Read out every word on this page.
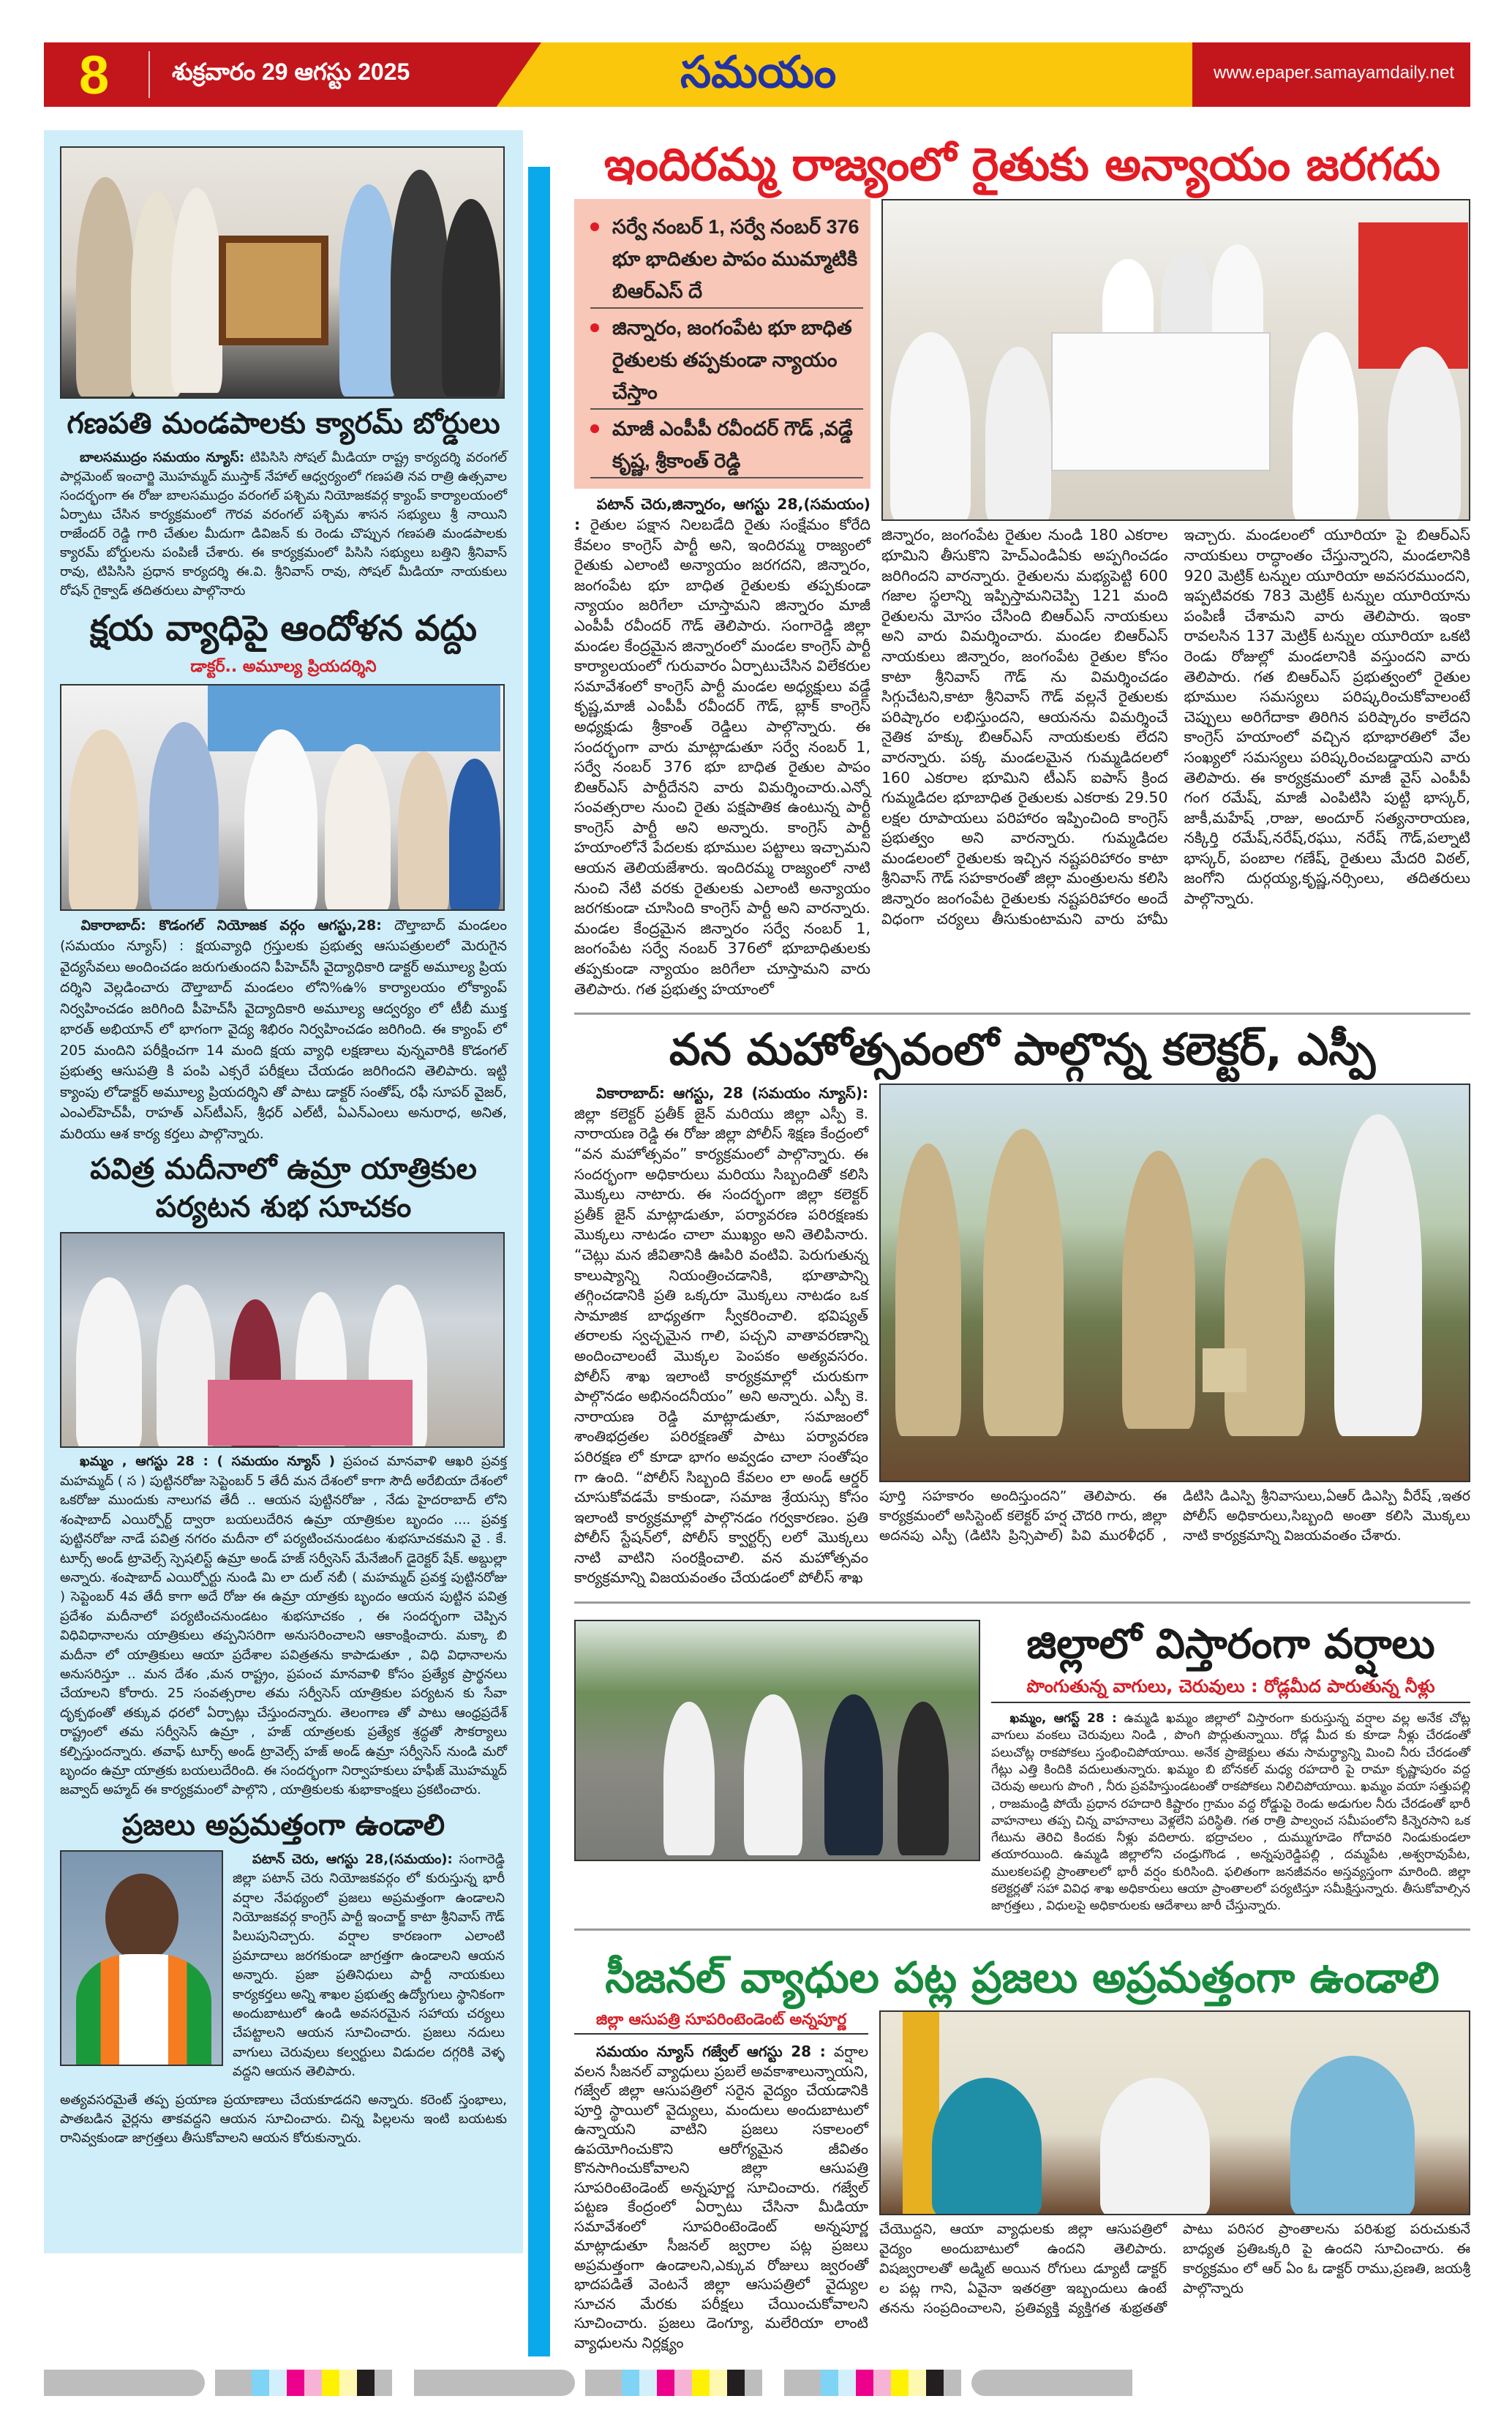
8	శుక్రవారం 29 ఆగస్టు 2025	సమయం	www.epaper.samayamdaily.net
గణపతి మండపాలకు క్యారమ్ బోర్డులు
బాలసముద్రం సమయం న్యూస్: టిపిసిసి సోషల్ మీడియా రాష్ట్ర కార్యదర్శి వరంగల్ పార్లమెంట్ ఇంచార్జి మొహమ్మద్ ముస్తాక్ నేహాల్ ఆధ్వర్యంలో గణపతి నవ రాత్రి ఉత్సవాల సందర్భంగా ఈ రోజు బాలసముద్రం వరంగల్ పశ్చిమ నియోజకవర్గ క్యాంప్ కార్యాలయంలో ఏర్పాటు చేసిన కార్యక్రమంలో గౌరవ వరంగల్ పశ్చిమ శాసన సభ్యులు శ్రీ నాయిని రాజేందర్ రెడ్డి గారి చేతుల మీదుగా డివిజన్ కు రెండు చొప్పున గణపతి మండపాలకు క్యారమ్ బోర్డులను పంపిణీ చేశారు. ఈ కార్యక్రమంలో పిసిసి సభ్యులు బత్తిని శ్రీనివాస్ రావు, టిపిసిసి ప్రధాన కార్యదర్శి ఈ.వి. శ్రీనివాస్ రావు, సోషల్ మీడియా నాయకులు రోషన్ గైక్వాడ్ తదితరులు పాల్గొనారు
క్షయ వ్యాధిపై ఆందోళన వద్దు
డాక్టర్.. అమూల్య ప్రియదర్శిని
వికారాబాద్: కొడంగల్ నియోజక వర్గం ఆగస్టు,28: దౌల్తాబాద్ మండలం (సమయం న్యూస్) : క్షయవ్యాధి గ్రస్తులకు ప్రభుత్వ ఆసుపత్రులలో మెరుగైన వైద్యసేవలు అందించడం జరుగుతుందని పీహెచ్‌సీ వైద్యాధికారి డాక్టర్ అమూల్య ప్రియ దర్శిని వెల్లడించారు దౌల్తాబాద్ మండలం లోని%ఉ% కార్యాలయం లోక్యాంప్ నిర్వహించడం జరిగింది పీహెచ్‌సీ వైద్యాదికారి అమూల్య ఆద్వర్యం లో టీబీ ముక్త భారత్ అభియాన్ లో భాగంగా వైద్య శిభిరం నిర్వహించడం జరిగింది. ఈ క్యాంప్ లో 205 మందిని పరీక్షించగా 14 మంది క్షయ వ్యాధి లక్షణాలు వున్నవారికి కొడంగల్ ప్రభుత్వ ఆసుపత్రి కి పంపి ఎక్సరే పరీక్షలు చేయడం జరిగిందని తెలిపారు. ఇట్టి క్యాంపు లోడాక్టర్ అమూల్య ప్రియదర్శిని తో పాటు డాక్టర్ సంతోష్, రఫీ సూపర్ వైజర్, ఎంఎల్‌హెచ్‌పీ, రాహత్ ఎస్‌టీఎస్, శ్రీధర్ ఎల్‌టీ, ఏఎన్ఎంలు అనురాధ, అనిత, మరియు ఆశ కార్య కర్తలు పాల్గొన్నారు.
పవిత్ర మదీనాలో ఉమ్రా యాత్రికుల
పర్యటన శుభ సూచకం
ఖమ్మం , ఆగస్టు 28 : ( సమయం న్యూస్ ) ప్రపంచ మానవాళి ఆఖరి ప్రవక్త మహమ్మద్ ( స ) పుట్టినరోజు సెప్టెంబర్ 5 తేదీ మన దేశంలో కాగా సౌదీ అరేబియా దేశంలో ఒకరోజు ముందుకు నాలుగవ తేదీ .. ఆయన పుట్టినరోజు , నేడు హైదరాబాద్ లోని శంషాబాద్ ఎయిర్పోర్ట్ ద్వారా బయలుదేరిన ఉమ్రా యాత్రికుల బృందం .... ప్రవక్త పుట్టినరోజు నాడే పవిత్ర నగరం మదీనా లో పర్యటించనుండటం శుభసూచకమని వై . కే. టూర్స్ అండ్ ట్రావెల్స్ స్పెషలిస్ట్ ఉమ్రా అండ్ హజ్ సర్వీసెస్ మేనేజింగ్ డైరెక్టర్ షేక్. అబ్దుల్లా అన్నారు. శంషాబాద్ ఎయిర్పోర్టు నుండి మి లా దుల్ నబీ ( మహమ్మద్ ప్రవక్త పుట్టినరోజు ) సెప్టెంబర్ 4వ తేదీ కాగా అదే రోజు ఈ ఉమ్రా యాత్రకు బృందం ఆయన పుట్టిన పవిత్ర ప్రదేశం మదీనాలో పర్యటించనుండటం శుభసూచకం , ఈ సందర్భంగా చెప్పిన విధివిధానాలను యాత్రికులు తప్పనిసరిగా అనుసరించాలని ఆకాంక్షించారు. మక్కా బి మదీనా లో యాత్రికులు ఆయా ప్రదేశాల పవిత్రతను కాపాడుతూ , విధి విధానాలను అనుసరిస్తూ .. మన దేశం ,మన రాష్ట్రం, ప్రపంచ మానవాళి కోసం ప్రత్యేక ప్రార్థనలు చేయాలని కోరారు. 25 సంవత్సరాల తమ సర్వీసెస్ యాత్రికుల పర్యటన కు సేవా దృక్పథంతో తక్కువ ధరలో ఏర్పాట్లు చేస్తుందన్నారు. తెలంగాణ తో పాటు ఆంధ్రప్రదేశ్ రాష్ట్రంలో తమ సర్వీసెస్ ఉమ్రా , హజ్ యాత్రలకు ప్రత్యేక శ్రద్ధతో సౌకర్యాలు కల్పిస్తుందన్నారు. తవాఫ్ టూర్స్ అండ్ ట్రావెల్స్ హజ్ అండ్ ఉమ్రా సర్వీసెస్ నుండి మరో బృందం ఉమ్రా యాత్రకు బయలుదేరింది. ఈ సందర్భంగా నిర్వాహకులు హఫీజ్ మొహమ్మద్ జవ్వాద్ అహ్మద్ ఈ కార్యక్రమంలో పాల్గొని , యాత్రికులకు శుభాకాంక్షలు ప్రకటించారు.
ప్రజలు అప్రమత్తంగా ఉండాలి
పటాన్ చెరు, ఆగస్టు 28,(సమయం): సంగారెడ్డి జిల్లా పటాన్ చెరు నియోజకవర్గం లో కురుస్తున్న భారీ వర్షాల నేపథ్యంలో ప్రజలు అప్రమత్తంగా ఉండాలని నియోజకవర్గ కాంగ్రెస్ పార్టీ ఇంచార్జ్ కాటా శ్రీనివాస్ గౌడ్ పిలుపునిచ్చారు. వర్షాల కారణంగా ఎలాంటి ప్రమాదాలు జరగకుండా జాగ్రత్తగా ఉండాలని ఆయన అన్నారు. ప్రజా ప్రతినిధులు పార్టీ నాయకులు కార్యకర్తలు అన్ని శాఖల ప్రభుత్వ ఉద్యోగులు స్థానికంగా అందుబాటులో ఉండి అవసరమైన సహాయ చర్యలు చేపట్టాలని ఆయన సూచించారు. ప్రజలు నదులు వాగులు చెరువులు కల్వర్టులు విడుదల దగ్గరికి వెళ్ళ వద్దని ఆయన తెలిపారు.
అత్యవసరమైతే తప్ప ప్రయాణ ప్రయాణాలు చేయకూడదని అన్నారు. కరెంట్ స్తంభాలు, పాతబడిన వైర్లను తాకవద్దని ఆయన సూచించారు. చిన్న పిల్లలను ఇంటి బయటకు రానివ్వకుండా జాగ్రత్తలు తీసుకోవాలని ఆయన కోరుకున్నారు.
ఇందిరమ్మ రాజ్యంలో రైతుకు అన్యాయం జరగదు
సర్వే నంబర్ 1, సర్వే నంబర్ 376 భూ భాదితుల పాపం ముమ్మాటికి బిఆర్ఎస్ దే
జిన్నారం, జంగంపేట భూ బాధిత రైతులకు తప్పకుండా న్యాయం చేస్తాం
మాజీ ఎంపీపీ రవీందర్ గౌడ్ ,వడ్డే కృష్ణ, శ్రీకాంత్ రెడ్డి
పటాన్ చెరు,జిన్నారం, ఆగస్టు 28,(సమయం) : రైతుల పక్షాన నిలబడేది రైతు సంక్షేమం కోరేది కేవలం కాంగ్రెస్ పార్టీ అని, ఇందిరమ్మ రాజ్యంలో రైతుకు ఎలాంటి అన్యాయం జరగదని, జిన్నారం, జంగంపేట భూ బాధిత రైతులకు తప్పకుండా న్యాయం జరిగేలా చూస్తామని జిన్నారం మాజీ ఎంపీపీ రవీందర్ గౌడ్ తెలిపారు. సంగారెడ్డి జిల్లా మండల కేంద్రమైన జిన్నారంలో మండల కాంగ్రెస్ పార్టీ కార్యాలయంలో గురువారం ఏర్పాటుచేసిన విలేకరుల సమావేశంలో కాంగ్రెస్ పార్టీ మండల అధ్యక్షులు వడ్డే కృష్ణ,మాజీ ఎంపీపీ రవీందర్ గౌడ్, బ్లాక్ కాంగ్రెస్ అధ్యక్షుడు శ్రీకాంత్ రెడ్డిలు పాల్గొన్నారు. ఈ సందర్భంగా వారు మాట్లాడుతూ సర్వే నంబర్ 1, సర్వే నంబర్ 376 భూ బాధిత రైతుల పాపం బిఆర్ఎస్ పార్టీదేనని వారు విమర్శించారు.ఎన్నో సంవత్సరాల నుంచి రైతు పక్షపాతిక ఉంటున్న పార్టీ కాంగ్రెస్ పార్టీ అని అన్నారు. కాంగ్రెస్ పార్టీ హయాంలోనే పేదలకు భూముల పట్టాలు ఇచ్చామని ఆయన తెలియజేశారు. ఇందిరమ్మ రాజ్యంలో నాటి నుంచి నేటి వరకు రైతులకు ఎలాంటి అన్యాయం జరగకుండా చూసింది కాంగ్రెస్ పార్టీ అని వారన్నారు. మండల కేంద్రమైన జిన్నారం సర్వే నంబర్ 1, జంగంపేట సర్వే నంబర్ 376లో భూబాధితులకు తప్పకుండా న్యాయం జరిగేలా చూస్తామని వారు తెలిపారు. గత ప్రభుత్వ హయాంలో
జిన్నారం, జంగంపేట రైతుల నుండి 180 ఎకరాల భూమిని తీసుకొని హెచ్ఎండిఏకు అప్పగించడం జరిగిందని వారన్నారు. రైతులను మభ్యపెట్టి 600 గజాల స్థలాన్ని ఇప్పిస్తామనిచెప్పి 121 మంది రైతులను మోసం చేసింది బిఆర్ఎస్ నాయకులు అని వారు విమర్శించారు. మండల బిఆర్ఎస్ నాయకులు జిన్నారం, జంగంపేట రైతుల కోసం కాటా శ్రీనివాస్ గౌడ్ ను విమర్శించడం సిగ్గుచేటని,కాటా శ్రీనివాస్ గౌడ్ వల్లనే రైతులకు పరిష్కారం లభిస్తుందని, ఆయనను విమర్శించే నైతిక హక్కు బిఆర్ఎస్ నాయకులకు లేదని వారన్నారు. పక్క మండలమైన గుమ్మడిదలలో 160 ఎకరాల భూమిని టీఎస్ ఐపాస్ క్రింద గుమ్మడిదల భూబాధిత రైతులకు ఎకరాకు 29.50 లక్షల రూపాయలు పరిహారం ఇప్పించింది కాంగ్రెస్ ప్రభుత్వం అని వారన్నారు. గుమ్మడిదల మండలంలో రైతులకు ఇచ్చిన నష్టపరిహారం కాటా శ్రీనివాస్ గౌడ్ సహకారంతో జిల్లా మంత్రులను కలిసి జిన్నారం జంగంపేట రైతులకు నష్టపరిహారం అందే విధంగా చర్యలు తీసుకుంటామని వారు హామీ ఇచ్చారు. మండలంలో యూరియా పై బిఆర్ఎస్ నాయకులు రాద్ధాంతం చేస్తున్నారని, మండలానికి 920 మెట్రిక్ టన్నుల యూరియా అవసరముందని, ఇప్పటివరకు 783 మెట్రిక్ టన్నుల యూరియాను పంపిణీ చేశామని వారు తెలిపారు. ఇంకా రావలసిన 137 మెట్రిక్ టన్నుల యూరియా ఒకటి రెండు రోజుల్లో మండలానికి వస్తుందని వారు తెలిపారు. గత బిఆర్ఎస్ ప్రభుత్వంలో రైతుల భూముల సమస్యలు పరిష్కరించుకోవాలంటే చెప్పులు అరిగేదాకా తిరిగిన పరిష్కారం కాలేదని కాంగ్రెస్ హయాంలో వచ్చిన భూభారతిలో వేల సంఖ్యలో సమస్యలు పరిష్కరించబడ్డాయని వారు తెలిపారు. ఈ కార్యక్రమంలో మాజీ వైస్ ఎంపీపీ గంగ రమేష్, మాజీ ఎంపిటిసి పుట్టి భాస్కర్, జాకీ,మహేష్ ,రాజు, అందూర్ సత్యనారాయణ, నక్కిర్తి రమేష్,నరేష్,రఘు, నరేష్ గౌడ్,పల్నాటి భాస్కర్, పంబాల గణేష్, రైతులు మేదరి విఠల్, జంగోని దుర్గయ్య,కృష్ణ,నర్సింలు, తదితరులు పాల్గొన్నారు.
వన మహోత్సవంలో పాల్గొన్న కలెక్టర్, ఎస్పీ
వికారాబాద్: ఆగస్టు, 28 (సమయం న్యూస్): జిల్లా కలెక్టర్ ప్రతీక్ జైన్ మరియు జిల్లా ఎస్పీ కె. నారాయణ రెడ్డి ఈ రోజు జిల్లా పోలీస్ శిక్షణ కేంద్రంలో “వన మహోత్సవం” కార్యక్రమంలో పాల్గొన్నారు. ఈ సందర్భంగా అధికారులు మరియు సిబ్బందితో కలిసి మొక్కలు నాటారు. ఈ సందర్భంగా జిల్లా కలెక్టర్ ప్రతీక్ జైన్ మాట్లాడుతూ, పర్యావరణ పరిరక్షణకు మొక్కలు నాటడం చాలా ముఖ్యం అని తెలిపినారు. “చెట్లు మన జీవితానికి ఊపిరి వంటివి. పెరుగుతున్న కాలుష్యాన్ని నియంత్రించడానికి, భూతాపాన్ని తగ్గించడానికి ప్రతి ఒక్కరూ మొక్కలు నాటడం ఒక సామాజిక బాధ్యతగా స్వీకరించాలి. భవిష్యత్ తరాలకు స్వచ్ఛమైన గాలి, పచ్చని వాతావరణాన్ని అందించాలంటే మొక్కల పెంపకం అత్యవసరం. పోలీస్ శాఖ ఇలాంటి కార్యక్రమాల్లో చురుకుగా పాల్గొనడం అభినందనీయం” అని అన్నారు. ఎస్పీ కె. నారాయణ రెడ్డి మాట్లాడుతూ, సమాజంలో శాంతిభద్రతల పరిరక్షణతో పాటు పర్యావరణ పరిరక్షణ లో కూడా భాగం అవ్వడం చాలా సంతోషం గా ఉంది. “పోలీస్ సిబ్బంది కేవలం లా అండ్ ఆర్డర్ చూసుకోవడమే కాకుండా, సమాజ శ్రేయస్సు కోసం ఇలాంటి కార్యక్రమాల్లో పాల్గొనడం గర్వకారణం. ప్రతి పోలీస్ స్టేషన్‌లో, పోలీస్ క్వార్టర్స్ లలో మొక్కలు నాటి వాటిని సంరక్షించాలి. వన మహోత్సవం కార్యక్రమాన్ని విజయవంతం చేయడంలో పోలీస్ శాఖ
పూర్తి సహకారం అందిస్తుందని” తెలిపారు. ఈ కార్యక్రమంలో అసిస్టెంట్ కలెక్టర్ హర్ష చౌదరి గారు, జిల్లా అదనపు ఎస్పీ (డిటిసి ప్రిన్సిపాల్) పివి మురళీధర్ , డిటిసి డిఎస్పి శ్రీనివాసులు,ఏఆర్ డిఎస్పి వీరేష్ ,ఇతర పోలీస్ అధికారులు,సిబ్బంది అంతా కలిసి మొక్కలు నాటి కార్యక్రమాన్ని విజయవంతం చేశారు.
జిల్లాలో విస్తారంగా వర్షాలు
పొంగుతున్న వాగులు, చెరువులు : రోడ్లమీద పారుతున్న నీళ్లు
ఖమ్మం, ఆగస్ట్ 28 : ఉమ్మడి ఖమ్మం జిల్లాలో విస్తారంగా కురుస్తున్న వర్షాల వల్ల అనేక చోట్ల వాగులు వంకలు చెరువులు నిండి , పొంగి పొర్లుతున్నాయి. రోడ్ల మీద కు కూడా నీళ్లు చేరడంతో పలుచోట్ల రాకపోకలు స్తంభించిపోయాయి. అనేక ప్రాజెక్టులు తమ సామర్థ్యాన్ని మించి నీరు చేరడంతో గేట్లు ఎత్తి కిందికి వదులుతున్నారు. ఖమ్మం బి బోనకల్ మధ్య రహదారి పై రామా కృష్ణాపురం వద్ద చెరువు అలుగు పొంగి , నీరు ప్రవహిస్తుండటంతో రాకపోకలు నిలిచిపోయాయి. ఖమ్మం వయా సత్తుపల్లి , రాజమండ్రి పోయే ప్రధాన రహదారి కిష్టారం గ్రామం వద్ద రోడ్డుపై రెండు అడుగుల నీరు చేరడంతో భారీ వాహనాలు తప్ప చిన్న వాహనాలు వెళ్లలేని పరిస్థితి. గత రాత్రి పాల్వంచ సమీపంలోని కిన్నెరసాని ఒక గేటును తెరిచి కిందకు నీళ్లు వదిలారు. భద్రాచలం , దుమ్ముగూడెం గోదావరి నిండుకుండలా తయారయింది. ఉమ్మడి జిల్లాలోని చండ్రుగొండ , అన్నపురెడ్డిపల్లి , దమ్మపేట ,అశ్వరావుపేట, ములకలపల్లి ప్రాంతాలలో భారీ వర్షం కురిసింది. ఫలితంగా జనజీవనం అస్తవ్యస్తంగా మారింది. జిల్లా కలెక్టర్లతో సహా వివిధ శాఖ అధికారులు ఆయా ప్రాంతాలలో పర్యటిస్తూ సమీక్షిస్తున్నారు. తీసుకోవాల్సిన జాగ్రత్తలు , విధులపై అధికారులకు ఆదేశాలు జారీ చేస్తున్నారు.
సీజనల్ వ్యాధుల పట్ల ప్రజలు అప్రమత్తంగా ఉండాలి
జిల్లా ఆసుపత్రి సూపరింటెండెంట్ అన్నపూర్ణ
సమయం న్యూస్ గజ్వేల్ ఆగస్టు 28 : వర్షాల వలన సీజనల్ వ్యాధులు ప్రబలే అవకాశాలున్నాయని, గజ్వేల్ జిల్లా ఆసుపత్రిలో సరైన వైద్యం చేయడానికి పూర్తి స్థాయిలో వైద్యులు, మందులు అందుబాటులో ఉన్నాయని వాటిని ప్రజలు సకాలంలో ఉపయోగించుకొని ఆరోగ్యమైన జీవితం కొనసాగించుకోవాలని జిల్లా ఆసుపత్రి సూపరింటెండెంట్ అన్నపూర్ణ సూచించారు. గజ్వేల్ పట్టణ కేంద్రంలో ఏర్పాటు చేసినా మీడియా సమావేశంలో సూపరింటెండెంట్ అన్నపూర్ణ మాట్లాడుతూ సీజనల్ జ్వరాల పట్ల ప్రజలు అప్రమత్తంగా ఉండాలని,ఎక్కువ రోజులు జ్వరంతో భాదపడితే వెంటనే జిల్లా ఆసుపత్రిలో వైద్యుల సూచన మేరకు పరీక్షలు చేయించుకోవాలని సూచించారు. ప్రజలు డెంగ్యూ, మలేరియా లాంటి వ్యాధులను నిర్లక్ష్యం
చేయొద్దని, ఆయా వ్యాధులకు జిల్లా ఆసుపత్రిలో వైద్యం అందుబాటులో ఉందని తెలిపారు. విషజ్వరాలతో అడ్మిట్ అయిన రోగులు డ్యూటీ డాక్టర్ ల పట్ల గాని, ఏవైనా ఇతరత్రా ఇబ్బందులు ఉంటే తనను సంప్రదించాలని, ప్రతివ్యక్తి వ్యక్తిగత శుభ్రతతో పాటు పరిసర ప్రాంతాలను పరిశుభ్ర పరుచుకునే బాధ్యత ప్రతిఒక్కరి పై ఉందని సూచించారు. ఈ కార్యక్రమం లో ఆర్ ఏం ఓ డాక్టర్ రాము,ప్రణతి, జయశ్రీ పాల్గొన్నారు
